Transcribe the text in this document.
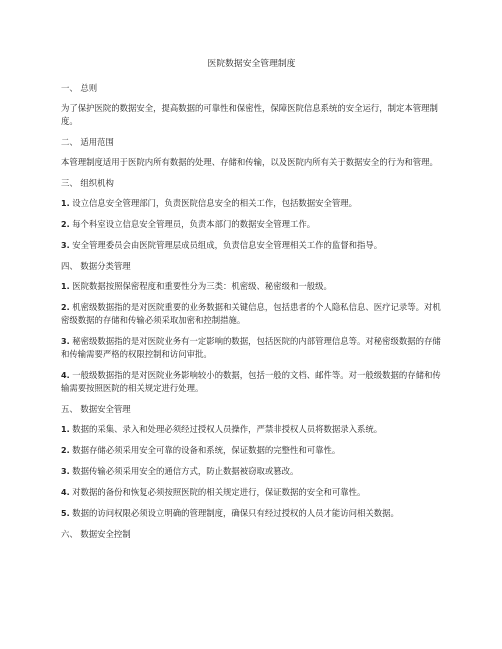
医院数据安全管理制度
一、 总则
为了保护医院的数据安全，提高数据的可靠性和保密性，保障医院信息系统的安全运行，制定本管理制度。
二、 适用范围
本管理制度适用于医院内所有数据的处理、存储和传输，以及医院内所有关于数据安全的行为和管理。
三、 组织机构
1. 设立信息安全管理部门，负责医院信息安全的相关工作，包括数据安全管理。
2. 每个科室设立信息安全管理员，负责本部门的数据安全管理工作。
3. 安全管理委员会由医院管理层成员组成，负责信息安全管理相关工作的监督和指导。
四、 数据分类管理
1. 医院数据按照保密程度和重要性分为三类：机密级、秘密级和一般级。
2. 机密级数据指的是对医院重要的业务数据和关键信息，包括患者的个人隐私信息、医疗记录等。对机密级数据的存储和传输必须采取加密和控制措施。
3. 秘密级数据指的是对医院业务有一定影响的数据，包括医院的内部管理信息等。对秘密级数据的存储和传输需要严格的权限控制和访问审批。
4. 一般级数据指的是对医院业务影响较小的数据，包括一般的文档、邮件等。对一般级数据的存储和传输需要按照医院的相关规定进行处理。
五、 数据安全管理
1. 数据的采集、录入和处理必须经过授权人员操作，严禁非授权人员将数据录入系统。
2. 数据存储必须采用安全可靠的设备和系统，保证数据的完整性和可靠性。
3. 数据传输必须采用安全的通信方式，防止数据被窃取或篡改。
4. 对数据的备份和恢复必须按照医院的相关规定进行，保证数据的安全和可靠性。
5. 数据的访问权限必须设立明确的管理制度，确保只有经过授权的人员才能访问相关数据。
六、 数据安全控制
